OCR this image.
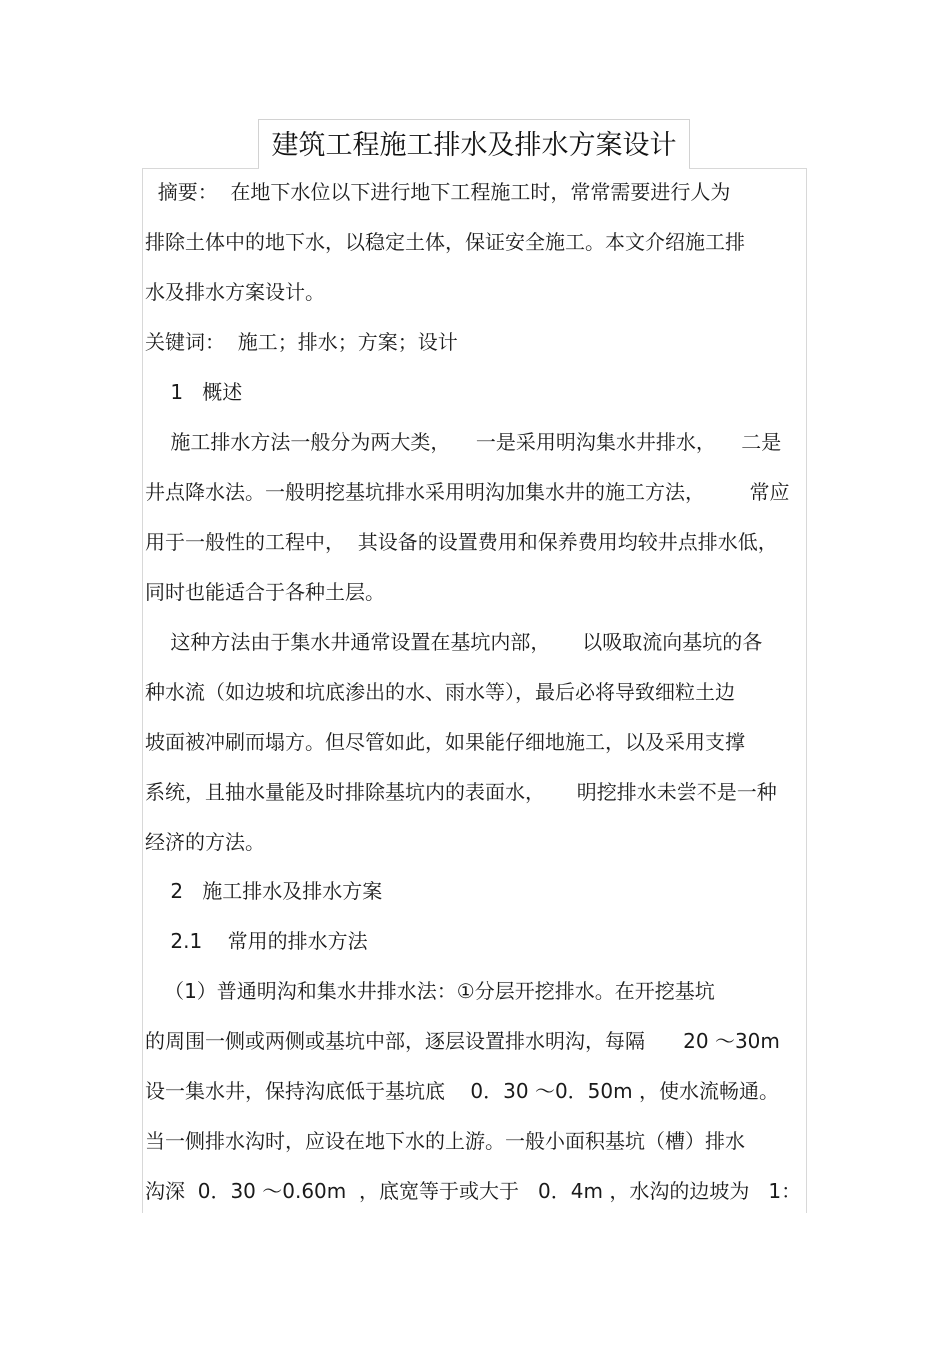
建筑工程施工排水及排水方案设计
摘要：  在地下水位以下进行地下工程施工时，常常需要进行人为
排除土体中的地下水，以稳定土体，保证安全施工。本文介绍施工排
水及排水方案设计。
关键词：  施工；排水；方案；设计
1   概述
施工排水方法一般分为两大类，    一是采用明沟集水井排水，    二是
井点降水法。一般明挖基坑排水采用明沟加集水井的施工方法，       常应
用于一般性的工程中，  其设备的设置费用和保养费用均较井点排水低，
同时也能适合于各种土层。
这种方法由于集水井通常设置在基坑内部，     以吸取流向基坑的各
种水流（如边坡和坑底渗出的水、雨水等），最后必将导致细粒土边
坡面被冲刷而塌方。但尽管如此，如果能仔细地施工，以及采用支撑
系统，且抽水量能及时排除基坑内的表面水，     明挖排水未尝不是一种
经济的方法。
2   施工排水及排水方案
2.1    常用的排水方法
（1）普通明沟和集水井排水法：①分层开挖排水。在开挖基坑
的周围一侧或两侧或基坑中部，逐层设置排水明沟，每隔      20 ～30m
设一集水井，保持沟底低于基坑底    0．30 ～0．50m ，使水流畅通。
当一侧排水沟时，应设在地下水的上游。一般小面积基坑（槽）排水
沟深  0．30 ～0.60m  ，底宽等于或大于   0．4m ，水沟的边坡为   1：
